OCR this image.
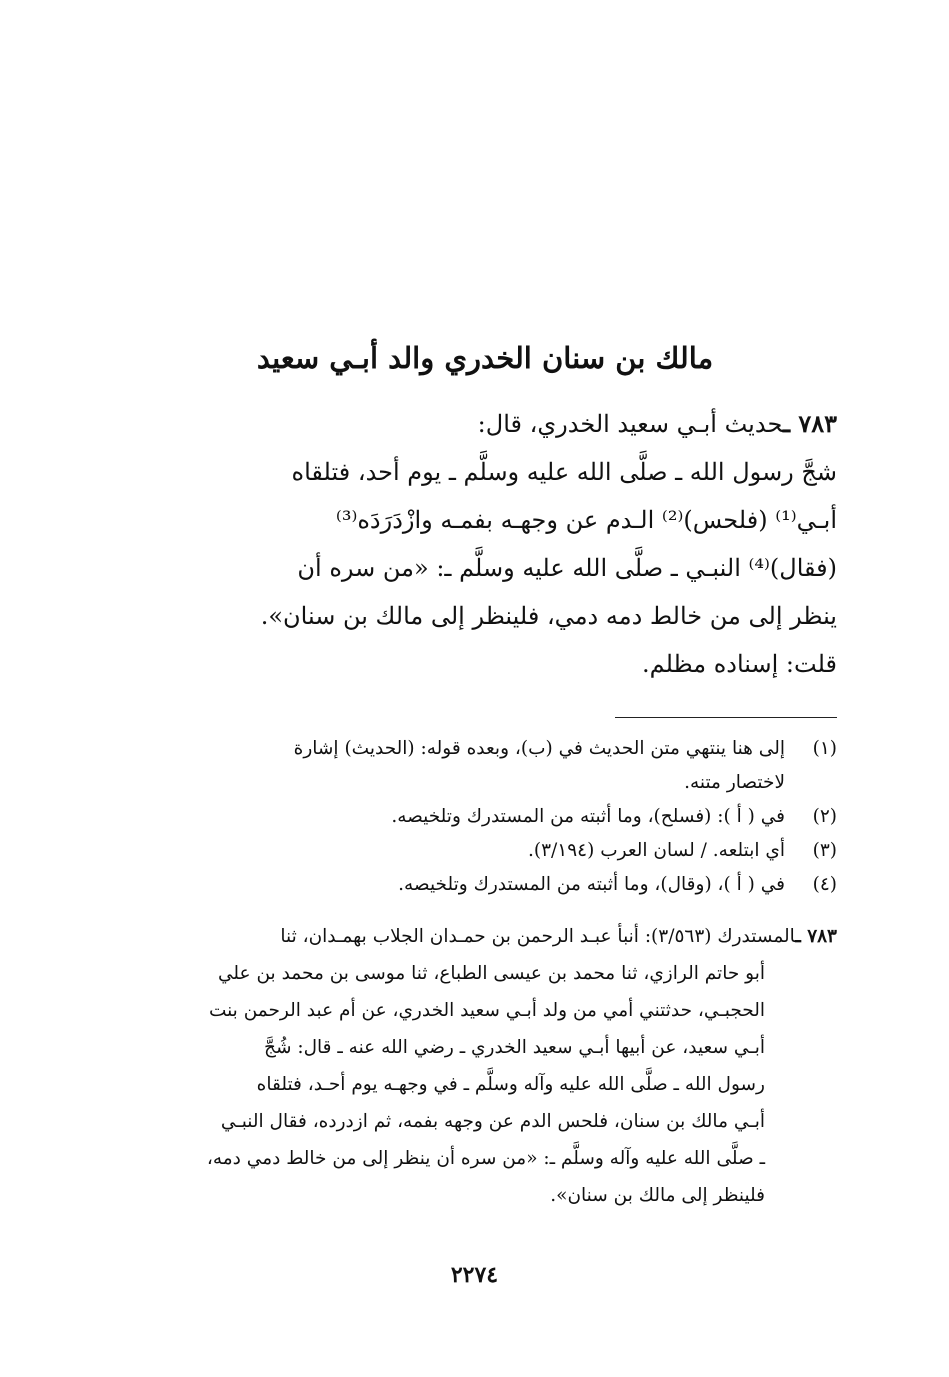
مالك بن سنان الخدري والد أبـي سعيد
٧٨٣ ـحديث أبـي سعيد الخدري، قال:
شجَّ رسول الله ـ صلَّى الله عليه وسلَّم ـ يوم أحد، فتلقاه
أبـي⁽¹⁾ (فلحس)⁽²⁾ الـدم عن وجهـه بفمـه وازْدَرَدَه⁽³⁾
(فقال)⁽⁴⁾ النبـي ـ صلَّى الله عليه وسلَّم ـ: «من سره أن
ينظر إلى من خالط دمه دمي، فلينظر إلى مالك بن سنان».
قلت: إسناده مظلم.
(١)
إلى هنا ينتهي متن الحديث في (ب)، وبعده قوله: (الحديث) إشارة
لاختصار متنه.
(٢)
في ( أ ): (فسلح)، وما أثبته من المستدرك وتلخيصه.
(٣)
أي ابتلعه. / لسان العرب (٣/١٩٤).
(٤)
في ( أ )، (وقال)، وما أثبته من المستدرك وتلخيصه.
٧٨٣ ـالمستدرك (٣/٥٦٣): أنبأ عبـد الرحمن بن حمـدان الجلاب بهمـدان، ثنا
أبو حاتم الرازي، ثنا محمد بن عيسى الطباع، ثنا موسى بن محمد بن علي
الحجبـي، حدثتني أمي من ولد أبـي سعيد الخدري، عن أم عبد الرحمن بنت
أبـي سعيد، عن أبيها أبـي سعيد الخدري ـ رضي الله عنه ـ قال: شُجَّ
رسول الله ـ صلَّى الله عليه وآله وسلَّم ـ في وجهـه يوم أحـد، فتلقاه
أبـي مالك بن سنان، فلحس الدم عن وجهه بفمه، ثم ازدرده، فقال النبـي
ـ صلَّى الله عليه وآله وسلَّم ـ: «من سره أن ينظر إلى من خالط دمي دمه،
فلينظر إلى مالك بن سنان».
٢٢٧٤
